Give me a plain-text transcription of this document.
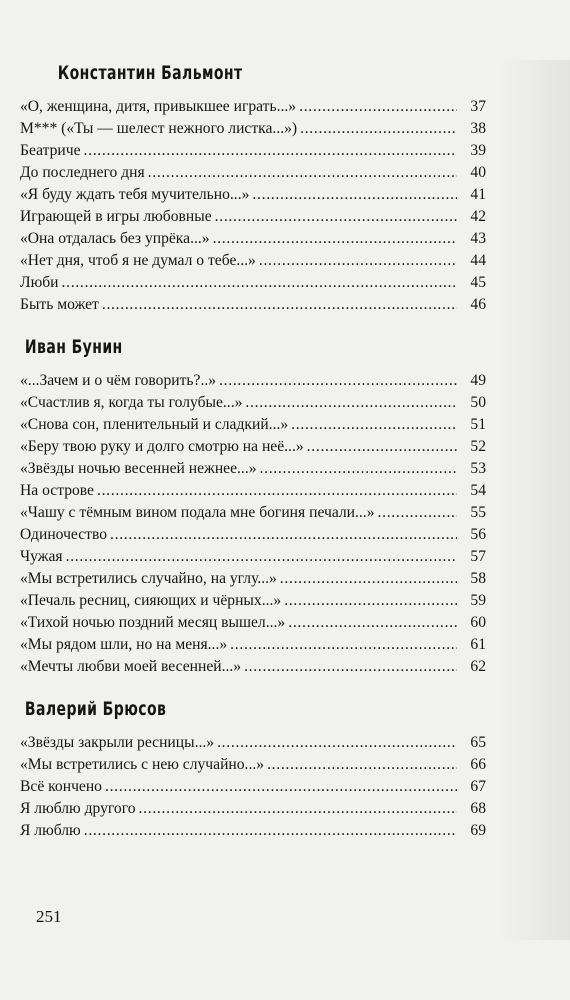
Константин Бальмонт
«О, женщина, дитя, привыкшее играть...» . . .	37
М*** («Ты — шелест нежного листка...») . . .	38
Беатриче . . .	39
До последнего дня . . .	40
«Я буду ждать тебя мучительно...» . . .	41
Играющей в игры любовные . . .	42
«Она отдалась без упрёка...» . . .	43
«Нет дня, чтоб я не думал о тебе...» . . .	44
Люби . . .	45
Быть может . . .	46
Иван Бунин
«...Зачем и о чём говорить?..» . . .	49
«Счастлив я, когда ты голубые...» . . .	50
«Снова сон, пленительный и сладкий...» . . .	51
«Беру твою руку и долго смотрю на неё...» . . .	52
«Звёзды ночью весенней нежнее...» . . .	53
На острове . . .	54
«Чашу с тёмным вином подала мне богиня печали...» . . .	55
Одиночество . . .	56
Чужая . . .	57
«Мы встретились случайно, на углу...» . . .	58
«Печаль ресниц, сияющих и чёрных...» . . .	59
«Тихой ночью поздний месяц вышел...» . . .	60
«Мы рядом шли, но на меня...» . . .	61
«Мечты любви моей весенней...» . . .	62
Валерий Брюсов
«Звёзды закрыли ресницы...» . . .	65
«Мы встретились с нею случайно...» . . .	66
Всё кончено . . .	67
Я люблю другого . . .	68
Я люблю . . .	69
251
